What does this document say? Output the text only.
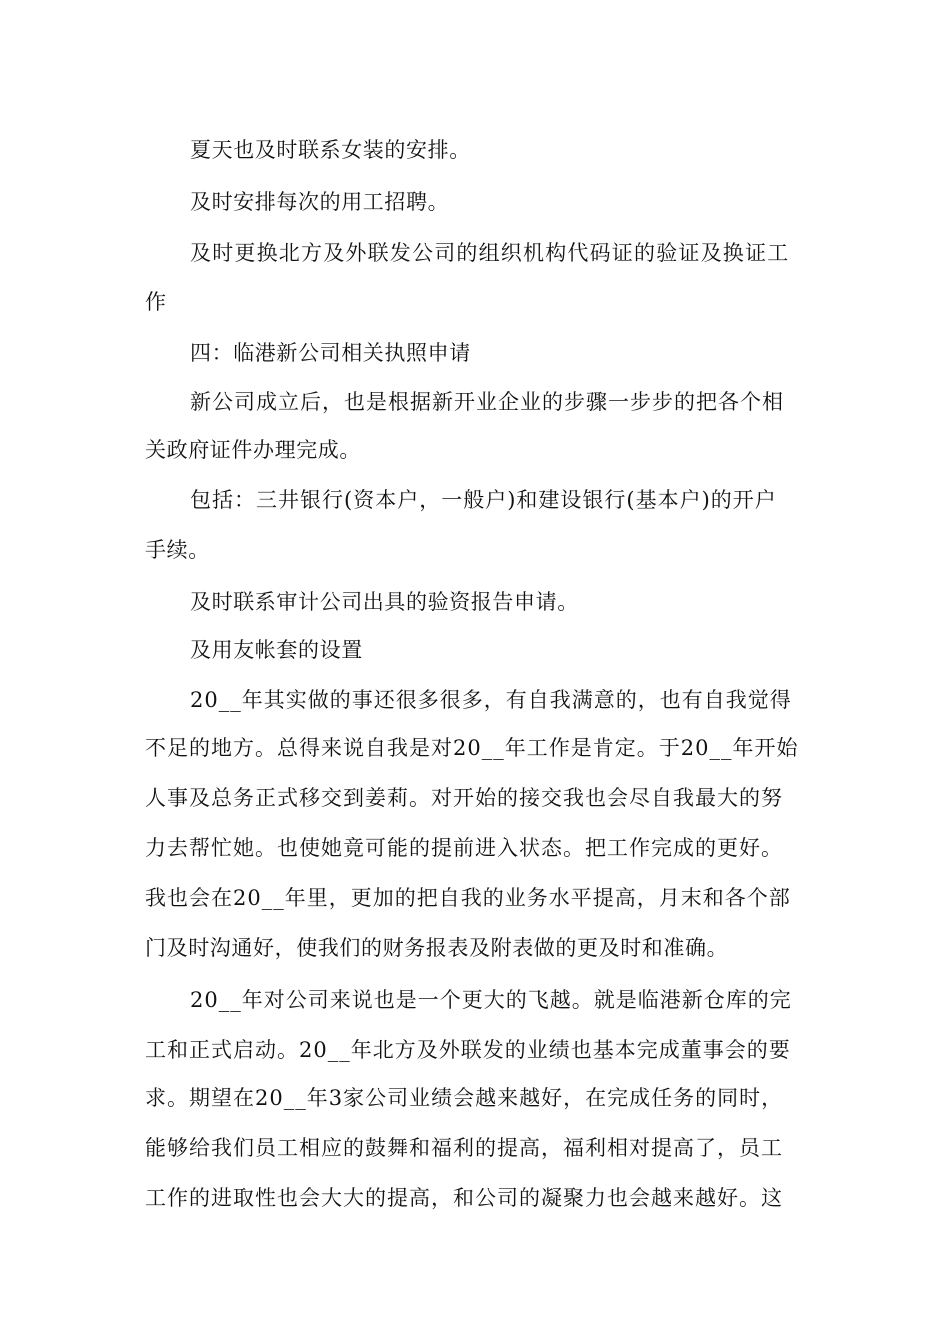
夏天也及时联系女装的安排。
及时安排每次的用工招聘。
及时更换北方及外联发公司的组织机构代码证的验证及换证工
作
四：临港新公司相关执照申请
新公司成立后，也是根据新开业企业的步骤一步步的把各个相
关政府证件办理完成。
包括：三井银行(资本户，一般户)和建设银行(基本户)的开户
手续。
及时联系审计公司出具的验资报告申请。
及用友帐套的设置
20__年其实做的事还很多很多，有自我满意的，也有自我觉得
不足的地方。总得来说自我是对20__年工作是肯定。于20__年开始
人事及总务正式移交到姜莉。对开始的接交我也会尽自我最大的努
力去帮忙她。也使她竟可能的提前进入状态。把工作完成的更好。
我也会在20__年里，更加的把自我的业务水平提高，月末和各个部
门及时沟通好，使我们的财务报表及附表做的更及时和准确。
20__年对公司来说也是一个更大的飞越。就是临港新仓库的完
工和正式启动。20__年北方及外联发的业绩也基本完成董事会的要
求。期望在20__年3家公司业绩会越来越好，在完成任务的同时，
能够给我们员工相应的鼓舞和福利的提高，福利相对提高了，员工
工作的进取性也会大大的提高，和公司的凝聚力也会越来越好。这
